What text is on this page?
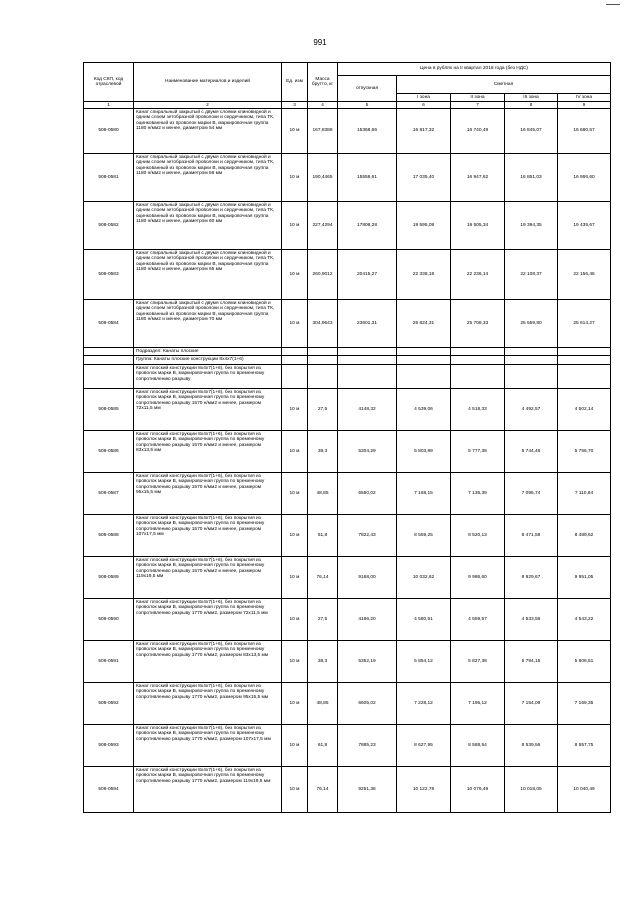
991
Код СКП, код отраслевой	Наименование материалов и изделий	Ед. изм	Масса брутто, кг	Цена в рублях на II квартал 2018 года (без НДС)				
				отпускная	Сметная			
					I зона	II зона	III зона	IV зона
1	2	3	4	5	6	7	8	9
508-0580	Канат спиральный закрытый с двумя слоями клиновидной и одним слоем зетобразной проволоки и сердечником, типа ТК, оцинкованный из проволок марки В, маркировочная группа 1180 н/мм2 и менее, диаметром 54 мм	10 м	167,8386	15368,66	16 817,32	16 740,49	16 845,07	16 680,57
508-0581	Канат спиральный закрытый с двумя слоями клиновидной и одним слоем зетобразной проволоки и сердечником, типа ТК, оцинкованный из проволок марки В, маркировочная группа 1180 н/мм2 и менее, диаметром 56 мм	10 м	190,4465	15559,61	17 035,40	16 947,62	16 851,03	16 866,60
508-0582	Канат спиральный закрытый с двумя слоями клиновидной и одним слоем зетобразной проволоки и сердечником, типа ТК, оцинкованный из проволок марки В, маркировочная группа 1180 н/мм2 и менее, диаметром 60 мм	10 м	227,4294	17808,28	19 595,08	19 505,34	19 394,35	19 435,67
508-0583	Канат спиральный закрытый с двумя слоями клиновидной и одним слоем зетобразной проволоки и сердечником, типа ТК, оцинкованный из проволок марки В, маркировочная группа 1180 н/мм2 и менее, диаметром 65 мм	10 м	260,9012	20415,27	22 338,18	22 236,14	22 108,37	22 156,46
508-0584	Канат спиральный закрытый с двумя слоями клиновидной и одним слоем зетобразной проволоки и сердечником, типа ТК, оцинкованный из проволок марки В, маркировочная группа 1180 н/мм2 и менее, диаметром 70 мм	10 м	304,9643	23601,31	25 824,31	25 708,33	25 559,80	25 614,27
	Подраздел: Канаты плоские							
	Группа: Канаты плоские конструкции 8х4х7(1+6)							
	Канат плоский конструкции 8х4х7(1+6), без покрытия из проволок марки В, маркировочная группа по временному сопротивлению разрыву							
508-0585	Канат плоский конструкции 8х4х7(1+6), без покрытия из проволок марки В, маркировочная группа по временному сопротивлению разрыву 1570 н/мм2 и менее, размером 72х11,5 мм	10 м	27,5	4148,32	4 539,06	4 518,33	4 492,57	4 502,14
508-0586	Канат плоский конструкции 8х4х7(1+6), без покрытия из проволок марки В, маркировочная группа по временному сопротивлению разрыву 1570 н/мм2 и менее, размером 83х13,5 мм	10 м	38,3	5304,29	5 803,89	5 777,38	5 744,46	5 756,70
508-0587	Канат плоский конструкции 8х4х7(1+6), без покрытия из проволок марки В, маркировочная группа по временному сопротивлению разрыву 1570 н/мм2 и менее, размером 95х15,5 мм	10 м	48,85	6550,02	7 168,15	7 136,39	7 095,74	7 110,84
508-0588	Канат плоский конструкции 8х4х7(1+6), без покрытия из проволок марки В, маркировочная группа по временному сопротивлению разрыву 1570 н/мм2 и менее, размером 107х17,5 мм	10 м	61,8	7822,43	8 559,25	8 520,13	8 471,58	8 489,62
508-0589	Канат плоский конструкции 8х4х7(1+6), без покрытия из проволок марки В, маркировочная группа по временному сопротивлению разрыву 1570 н/мм2 и менее, размером 119х19,5 мм	10 м	76,14	9168,00	10 032,62	9 986,60	9 929,67	9 951,05
508-0590	Канат плоский конструкции 8х4х7(1+6), без покрытия из проволок марки В, маркировочная группа по временному сопротивлению разрыву 1770 н/мм2, размером 72х11,5 мм	10 м	27,5	4186,20	4 580,51	4 559,57	4 533,56	4 543,22
508-0591	Канат плоский конструкции 8х4х7(1+6), без покрытия из проволок марки В, маркировочная группа по временному сопротивлению разрыву 1770 н/мм2, размером 83х13,5 мм	10 м	38,3	5352,19	5 854,12	5 827,38	5 794,15	5 806,51
508-0592	Канат плоский конструкции 8х4х7(1+6), без покрытия из проволок марки В, маркировочная группа по временному сопротивлению разрыву 1770 н/мм2, размером 95х15,5 мм	10 м	48,85	6605,02	7 228,12	7 195,12	7 154,09	7 169,35
508-0593	Канат плоский конструкции 8х4х7(1+6), без покрытия из проволок марки В, маркировочная группа по временному сопротивлению разрыву 1770 н/мм2, размером 107х17,5 мм	10 м	61,8	7885,23	8 627,95	8 588,54	8 539,56	8 557,75
508-0594	Канат плоский конструкции 8х4х7(1+6), без покрытия из проволок марки В, маркировочная группа по временному сопротивлению разрыву 1770 н/мм2, размером 119х19,5 мм	10 м	76,14	9251,36	10 122,78	10 076,49	10 018,05	10 040,49
